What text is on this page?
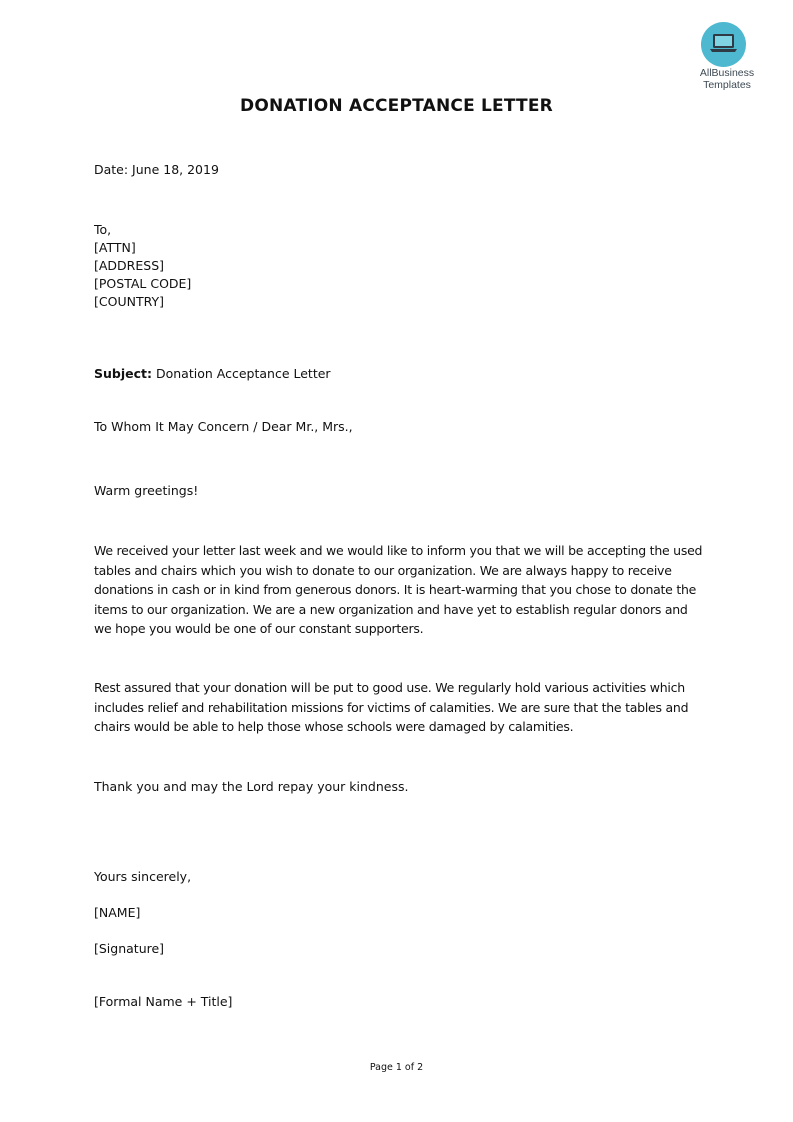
AllBusiness
Templates
DONATION ACCEPTANCE LETTER
Date: June 18, 2019
To,
[ATTN]
[ADDRESS]
[POSTAL CODE]
[COUNTRY]
Subject: Donation Acceptance Letter
To Whom It May Concern / Dear Mr., Mrs.,
Warm greetings!
We received your letter last week and we would like to inform you that we will be accepting the used
tables and chairs which you wish to donate to our organization. We are always happy to receive
donations in cash or in kind from generous donors. It is heart-warming that you chose to donate the
items to our organization. We are a new organization and have yet to establish regular donors and
we hope you would be one of our constant supporters.
Rest assured that your donation will be put to good use. We regularly hold various activities which
includes relief and rehabilitation missions for victims of calamities. We are sure that the tables and
chairs would be able to help those whose schools were damaged by calamities.
Thank you and may the Lord repay your kindness.
Yours sincerely,
[NAME]
[Signature]
[Formal Name + Title]
Page 1 of 2
